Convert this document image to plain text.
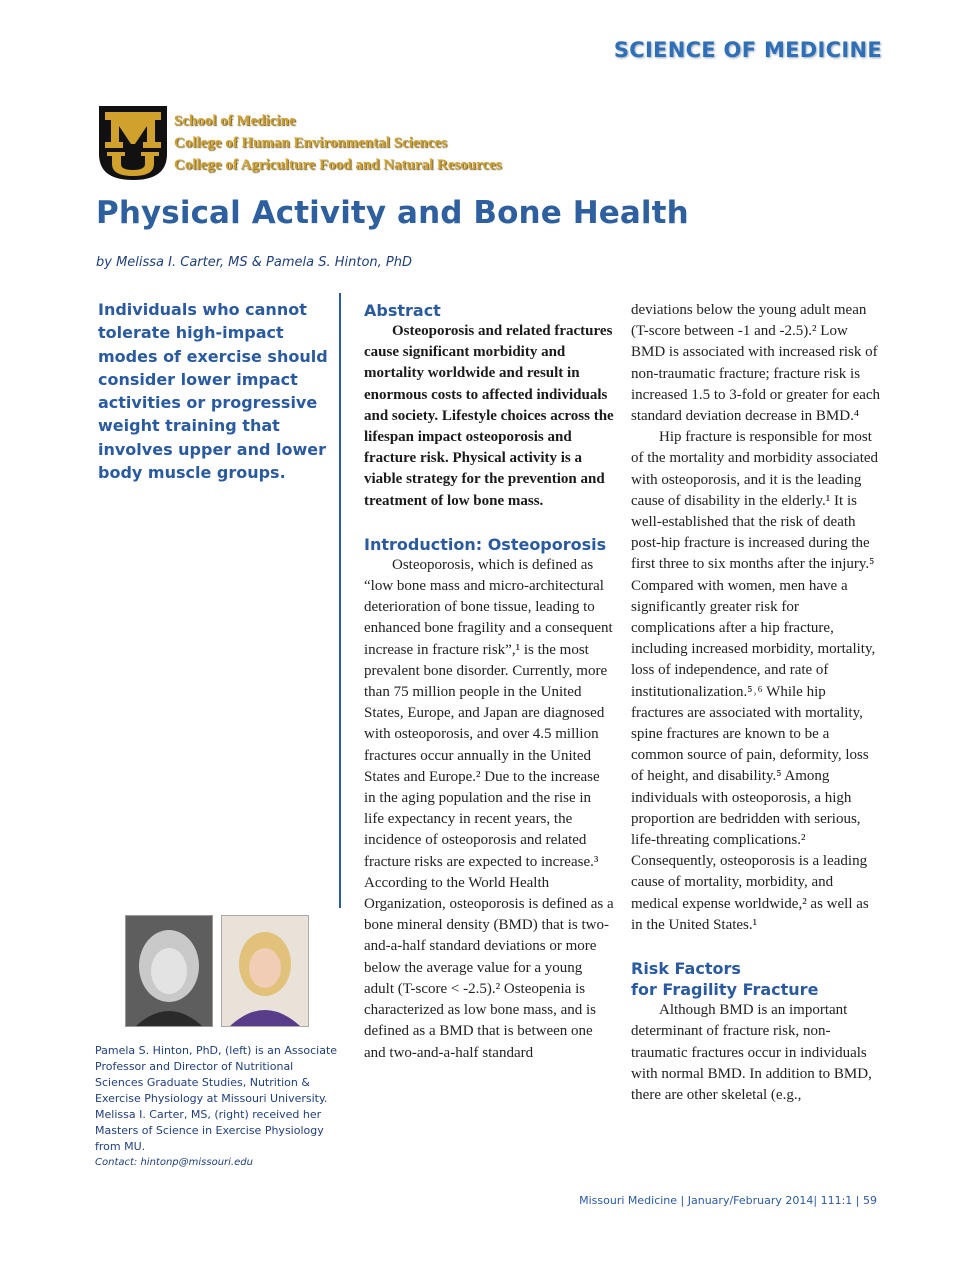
SCIENCE OF MEDICINE
School of Medicine
College of Human Environmental Sciences
College of Agriculture Food and Natural Resources
Physical Activity and Bone Health
by Melissa I. Carter, MS & Pamela S. Hinton, PhD
Individuals who cannot tolerate high-impact modes of exercise should consider lower impact activities or progressive weight training that involves upper and lower body muscle groups.
Pamela S. Hinton, PhD, (left) is an Associate Professor and Director of Nutritional Sciences Graduate Studies, Nutrition & Exercise Physiology at Missouri University. Melissa I. Carter, MS, (right) received her Masters of Science in Exercise Physiology from MU.
Contact: hintonp@missouri.edu
Abstract

Osteoporosis and related fractures cause significant morbidity and mortality worldwide and result in enormous costs to affected individuals and society. Lifestyle choices across the lifespan impact osteoporosis and fracture risk. Physical activity is a viable strategy for the prevention and treatment of low bone mass.

Introduction: Osteoporosis

Osteoporosis, which is defined as “low bone mass and micro-architectural deterioration of bone tissue, leading to enhanced bone fragility and a consequent increase in fracture risk”,¹ is the most prevalent bone disorder. Currently, more than 75 million people in the United States, Europe, and Japan are diagnosed with osteoporosis, and over 4.5 million fractures occur annually in the United States and Europe.² Due to the increase in the aging population and the rise in life expectancy in recent years, the incidence of osteoporosis and related fracture risks are expected to increase.³ According to the World Health Organization, osteoporosis is defined as a bone mineral density (BMD) that is two-and-a-half standard deviations or more below the average value for a young adult (T-score < -2.5).² Osteopenia is characterized as low bone mass, and is defined as a BMD that is between one and two-and-a-half standard

deviations below the young adult mean (T-score between -1 and -2.5).² Low BMD is associated with increased risk of non-traumatic fracture; fracture risk is increased 1.5 to 3-fold or greater for each standard deviation decrease in BMD.⁴

Hip fracture is responsible for most of the mortality and morbidity associated with osteoporosis, and it is the leading cause of disability in the elderly.¹ It is well-established that the risk of death post-hip fracture is increased during the first three to six months after the injury.⁵ Compared with women, men have a significantly greater risk for complications after a hip fracture, including increased morbidity, mortality, loss of independence, and rate of institutionalization.⁵˒⁶ While hip fractures are associated with mortality, spine fractures are known to be a common source of pain, deformity, loss of height, and disability.⁵ Among individuals with osteoporosis, a high proportion are bedridden with serious, life-threating complications.² Consequently, osteoporosis is a leading cause of mortality, morbidity, and medical expense worldwide,² as well as in the United States.¹

Risk Factors
for Fragility Fracture

Although BMD is an important determinant of fracture risk, non-traumatic fractures occur in individuals with normal BMD. In addition to BMD, there are other skeletal (e.g.,

Missouri Medicine | January/February 2014| 111:1 | 59
